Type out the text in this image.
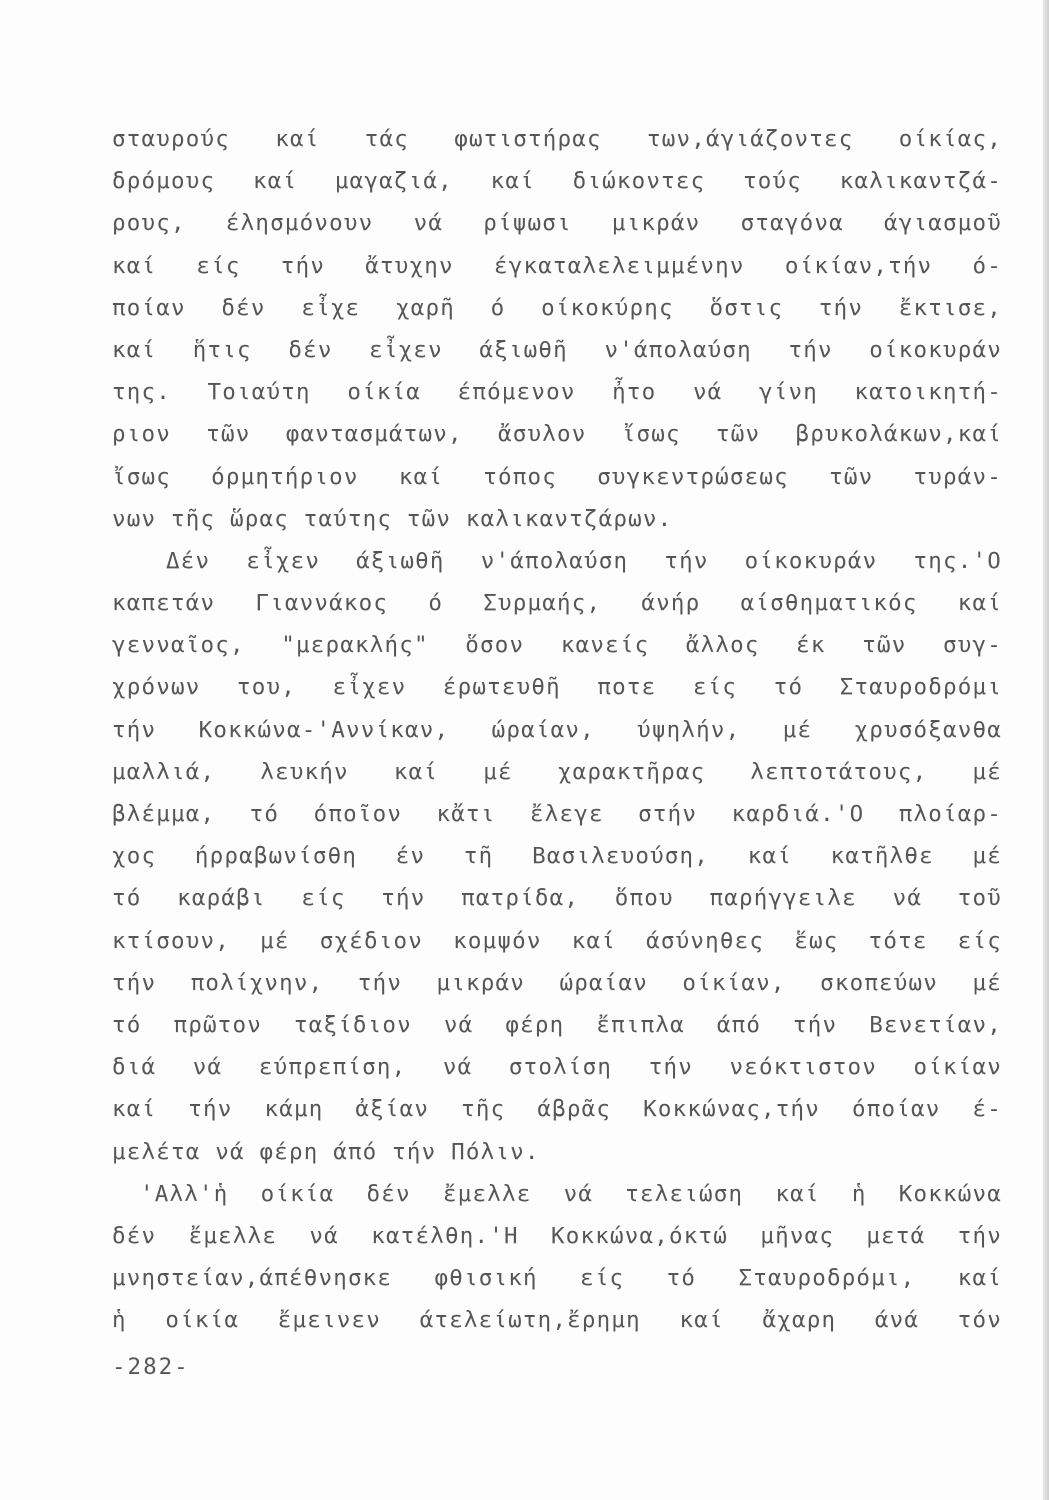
σταυρούς καί τάς φωτιστήρας των,άγιάζοντες οίκίας,
δρόμους καί μαγαζιά, καί διώκοντες τούς καλικαντζά-
ρους, έλησμόνουν νά ρίψωσι μικράν σταγόνα άγιασμοῦ
καί είς τήν ἄτυχην έγκαταλελειμμένην οίκίαν,τήν ό-
ποίαν δέν εἶχε χαρῆ ό οίκοκύρης ὅστις τήν ἔκτισε,
καί ἥτις δέν εἶχεν άξιωθῆ ν'άπολαύση τήν οίκοκυράν
της. Τοιαύτη οίκία έπόμενον ἦτο νά γίνη κατοικητή-
ριον τῶν φαντασμάτων, ἄσυλον ἴσως τῶν βρυκολάκων,καί
ἴσως όρμητήριον καί τόπος συγκεντρώσεως τῶν τυράν-
νων τῆς ὥρας ταύτης τῶν καλικαντζάρων.
Δέν εἶχεν άξιωθῆ ν'άπολαύση τήν οίκοκυράν της.'Ο
καπετάν Γιαννάκος ό Συρμαής, άνήρ αίσθηματικός καί
γενναῖος, "μερακλής" ὅσον κανείς ἄλλος έκ τῶν συγ-
χρόνων του, εἶχεν έρωτευθῆ ποτε είς τό Σταυροδρόμι
τήν Κοκκώνα-'Αννίκαν, ώραίαν, ύψηλήν, μέ χρυσόξανθα
μαλλιά, λευκήν καί μέ χαρακτῆρας λεπτοτάτους, μέ
βλέμμα, τό όποῖον κἄτι ἔλεγε στήν καρδιά.'Ο πλοίαρ-
χος ήρραβωνίσθη έν τῆ Βασιλευούση, καί κατῆλθε μέ
τό καράβι είς τήν πατρίδα, ὅπου παρήγγειλε νά τοῦ
κτίσουν, μέ σχέδιον κομψόν καί άσύνηθες ἕως τότε είς
τήν πολίχνην, τήν μικράν ώραίαν οίκίαν, σκοπεύων μέ
τό πρῶτον ταξίδιον νά φέρη ἔπιπλα άπό τήν Βενετίαν,
διά νά εύπρεπίση, νά στολίση τήν νεόκτιστον οίκίαν
καί τήν κάμη ἀξίαν τῆς άβρᾶς Κοκκώνας,τήν όποίαν έ-
μελέτα νά φέρη άπό τήν Πόλιν.
'Αλλ'ἡ οίκία δέν ἔμελλε νά τελειώση καί ἡ Κοκκώνα
δέν ἔμελλε νά κατέλθη.'Η Κοκκώνα,όκτώ μῆνας μετά τήν
μνηστείαν,άπέθνησκε φθισική είς τό Σταυροδρόμι, καί
ἡ οίκία ἔμεινεν άτελείωτη,ἔρημη καί ἄχαρη άνά τόν
-282-
